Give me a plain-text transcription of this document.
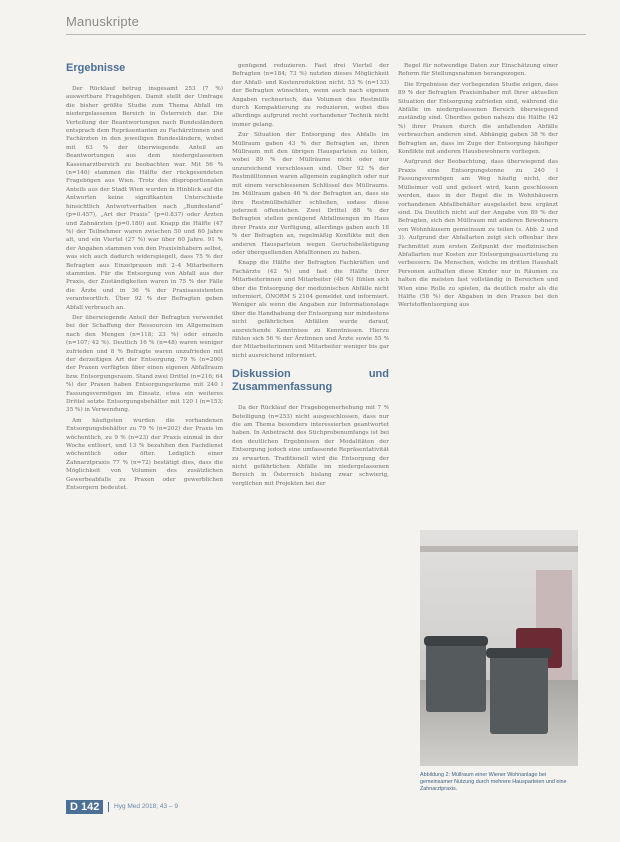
Manuskripte
Ergebnisse

Der Rücklauf betrug insgesamt 253 (7 %) auswertbare Fragebögen. Damit stellt der Umfrage die bisher größte Studie zum Thema Abfall im niedergelassenen Bereich in Österreich dar. Die Verteilung der Beantwortungen nach Bundesländern entsprach dem Repräsentanten zu Fachärztinnen und Fachärzten in den jeweiligen Bundesländern, wobei mit 63 % der überwiegende Anteil an Beantwortungen aus dem niedergelassenen Kassenarztbereich zu beobachten war. Mit 56 % (n=146) stammen die Hälfte der rückgesendeten Fragebögen aus Wien. Trotz des disproportionalen Anteils aus der Stadt Wien wurden in Hinblick auf die Antworten keine signifikanten Unterschiede hinsichtlich Antwortverhalten nach „Bundesland“ (p=0.457), „Art der Praxis“ (p=0.837) oder Ärzten und Zahnärzten (p=0.180) auf. Knapp die Hälfte (47 %) der Teilnehmer waren zwischen 50 und 60 Jahre alt, und ein Viertel (27 %) war über 60 Jahre. 91 % der Angaben stammen von den Praxisinhabern selbst, was sich auch dadurch widerspiegelt, dass 75 % der Befragten aus Einzelpraxen mit 2–4 Mitarbeitern stammten. Für die Entsorgung von Abfall aus der Praxis, der Zuständigkeiten waren in 75 % der Fälle die Ärzte und in 36 % der Praxisassistenten verantwortlich. Über 92 % der Befragten geben Abfall verbrauch an.

Der überwiegende Anteil der Befragten verwendet bei der Schaffung der Ressourcen im Allgemeinen nach den Mengen (n=118; 23 %) oder einzeln (n=107; 42 %). Deutlich 16 % (n=48) waren weniger zufrieden und 8 % Befragte waren unzufrieden mit der derzeitigen Art der Entsorgung. 79 % (n=200) der Praxen verfügten über einen eigenen Abfallraum bzw. Entsorgungsraum. Stand zwei Drittel (n=216; 64 %) der Praxen haben Entsorgungsräume mit 240 l Fassungsvermögen im Einsatz, etwa ein weiteres Drittel setzte Entsorgungsbehälter mit 120 l (n=153; 35 %) in Verwendung.

Am häufigsten wurden die vorhandenen Entsorgungsbehälter zu 79 % (n=202) der Praxis im wöchentlich, zu 9 % (n=23) der Praxis einmal in der Woche entleert, und 13 % bezahlten den Fachdienst wöchentlich oder öfter. Lediglich einer Zahnarztpraxis 77 % (n=72) bestätigt dies, dass die Möglichkeit von Volumen des zusätzlichen Gewerbeabfalls zu Praxen oder gewerblichen Entsorgern bedeutet.

genügend reduzieren. Fast drei Viertel der Befragten (n=184; 73 %) nutzten dieses Möglichkeit der Abfall- und Kostenreduktion nicht. 53 % (n=133) der Befragten wünschten, wenn auch nach eigenen Angaben rechnerisch, das Volumen des Restmülls durch Kompaktierung zu reduzieren, wobei dies allerdings aufgrund recht vorhandener Technik nicht immer gelang.

Zur Situation der Entsorgung des Abfalls im Müllraum gaben 43 % der Befragten an, ihren Müllraum mit den übrigen Hausparteien zu teilen, wobei 89 % der Müllräume nicht oder nur unzureichend verschlossen sind. Über 92 % der Restmülltonnen waren allgemein zugänglich oder nur mit einem verschlossenen Schlüssel des Müllraums. Im Müllraum gaben 46 % der Befragten an, dass sie ihre Restmüllbehälter schließen, sodass diese jederzeit offenstehen. Zwei Drittel 88 % der Befragten stellen genügend Abfallmengen im Haus ihrer Praxis zur Verfügung, allerdings gaben auch 18 % der Befragten an, regelmäßig Konflikte mit den anderen Hausparteien wegen Geruchsbelästigung oder überquellenden Abfalltonnen zu haben.

Knapp die Hälfte der Befragten Fachkräften und Fachärzte (42 %) und fast die Hälfte ihrer Mitarbeiterinnen und Mitarbeiter (48 %) fühlen sich über die Entsorgung der medizinischen Abfälle nicht informiert, ÖNORM S 2104 gemeldet und informiert. Weniger als wenn die Angaben zur Informationslage über die Handhabung der Entsorgung nur mindestens nicht gefährlichen Abfällen wurde darauf, ausreichende Kenntnisse zu Kenntnissen. Hierzu fühlen sich 56 % der Ärztinnen und Ärzte sowie 55 % der Mitarbeiterinnen und Mitarbeiter weniger bis gar nicht ausreichend informiert.

Diskussion und Zusammenfassung

Da der Rücklauf der Fragebogenerhebung mit 7 % Beteiligung (n=253) nicht ausgeschlossen, dass nur die am Thema besonders interessierten geantwortet haben. In Anbetracht des Stichprobenumfangs ist bei den deutlichen Ergebnissen der Modalitäten der Entsorgung jedoch eine umfassende Repräsentativität zu erwarten. Traditionell wird die Entsorgung der nicht gefährlichen Abfälle im niedergelassenen Bereich in Österreich bislang zwar schwierig, verglichen mit Projekten bei der

Regel für notwendige Daten zur Einschätzung einer Reform für Stellungsnahmen herangezogen.

Die Ergebnisse der vorliegenden Studie zeigen, dass 89 % der Befragten Praxisinhaber mit Ihrer aktuellen Situation der Entsorgung zufrieden sind, während die Abfälle im niedergelassenen Bereich überwiegend zuständig sind. Überdies geben nahezu die Hälfte (42 %) ihrer Praxen durch die anfallenden Abfälle verbrauchen anderen sind. Abhängig gaben 38 % der Befragten an, dass im Zuge der Entsorgung häufiger Konflikte mit anderen Hausbewohnern vorliegen.

Aufgrund der Beobachtung, dass überwiegend das Praxis eine Entsorgungstonne zu 240 l Fassungsvermögen am Weg häufig nicht, der Mülleimer voll und geleert wird, kann geschlossen werden, dass in der Regel die in Wohnhäusern vorhandenen Abfallbehälter ausgelastet bzw. ergänzt sind. Da Deutlich nicht auf der Angabe von 89 % der Befragten, sich den Müllraum mit anderen Bewohnern von Wohnhäusern gemeinsam zu teilen (s. Abb. 2 und 3). Aufgrund der Abfallarten zeigt sich offenbar ihre Fachmittel zum ersten Zeitpunkt der medizinischen Abfallarten nur Kosten zur Entsorgungsausrüstung zu verbessern. Da Menschen, welche im dritten Haushalt Personen aufhalten diese Kinder nur in Räumen zu halten die meisten fast vollständig in Bereichen und Wien eine Rolle zu spielen, da deutlich mehr als die Hälfte (58 %) der Abgaben in den Praxen bei den Wertstoffentsorgung aus

Abbildung 2: Müllraum einer Wiener Wohnanlage bei gemeinsamer Nutzung durch mehrere Hausparteien und eine Zahnarztpraxis.
D 142	Hyg Med 2018; 43 – 9
